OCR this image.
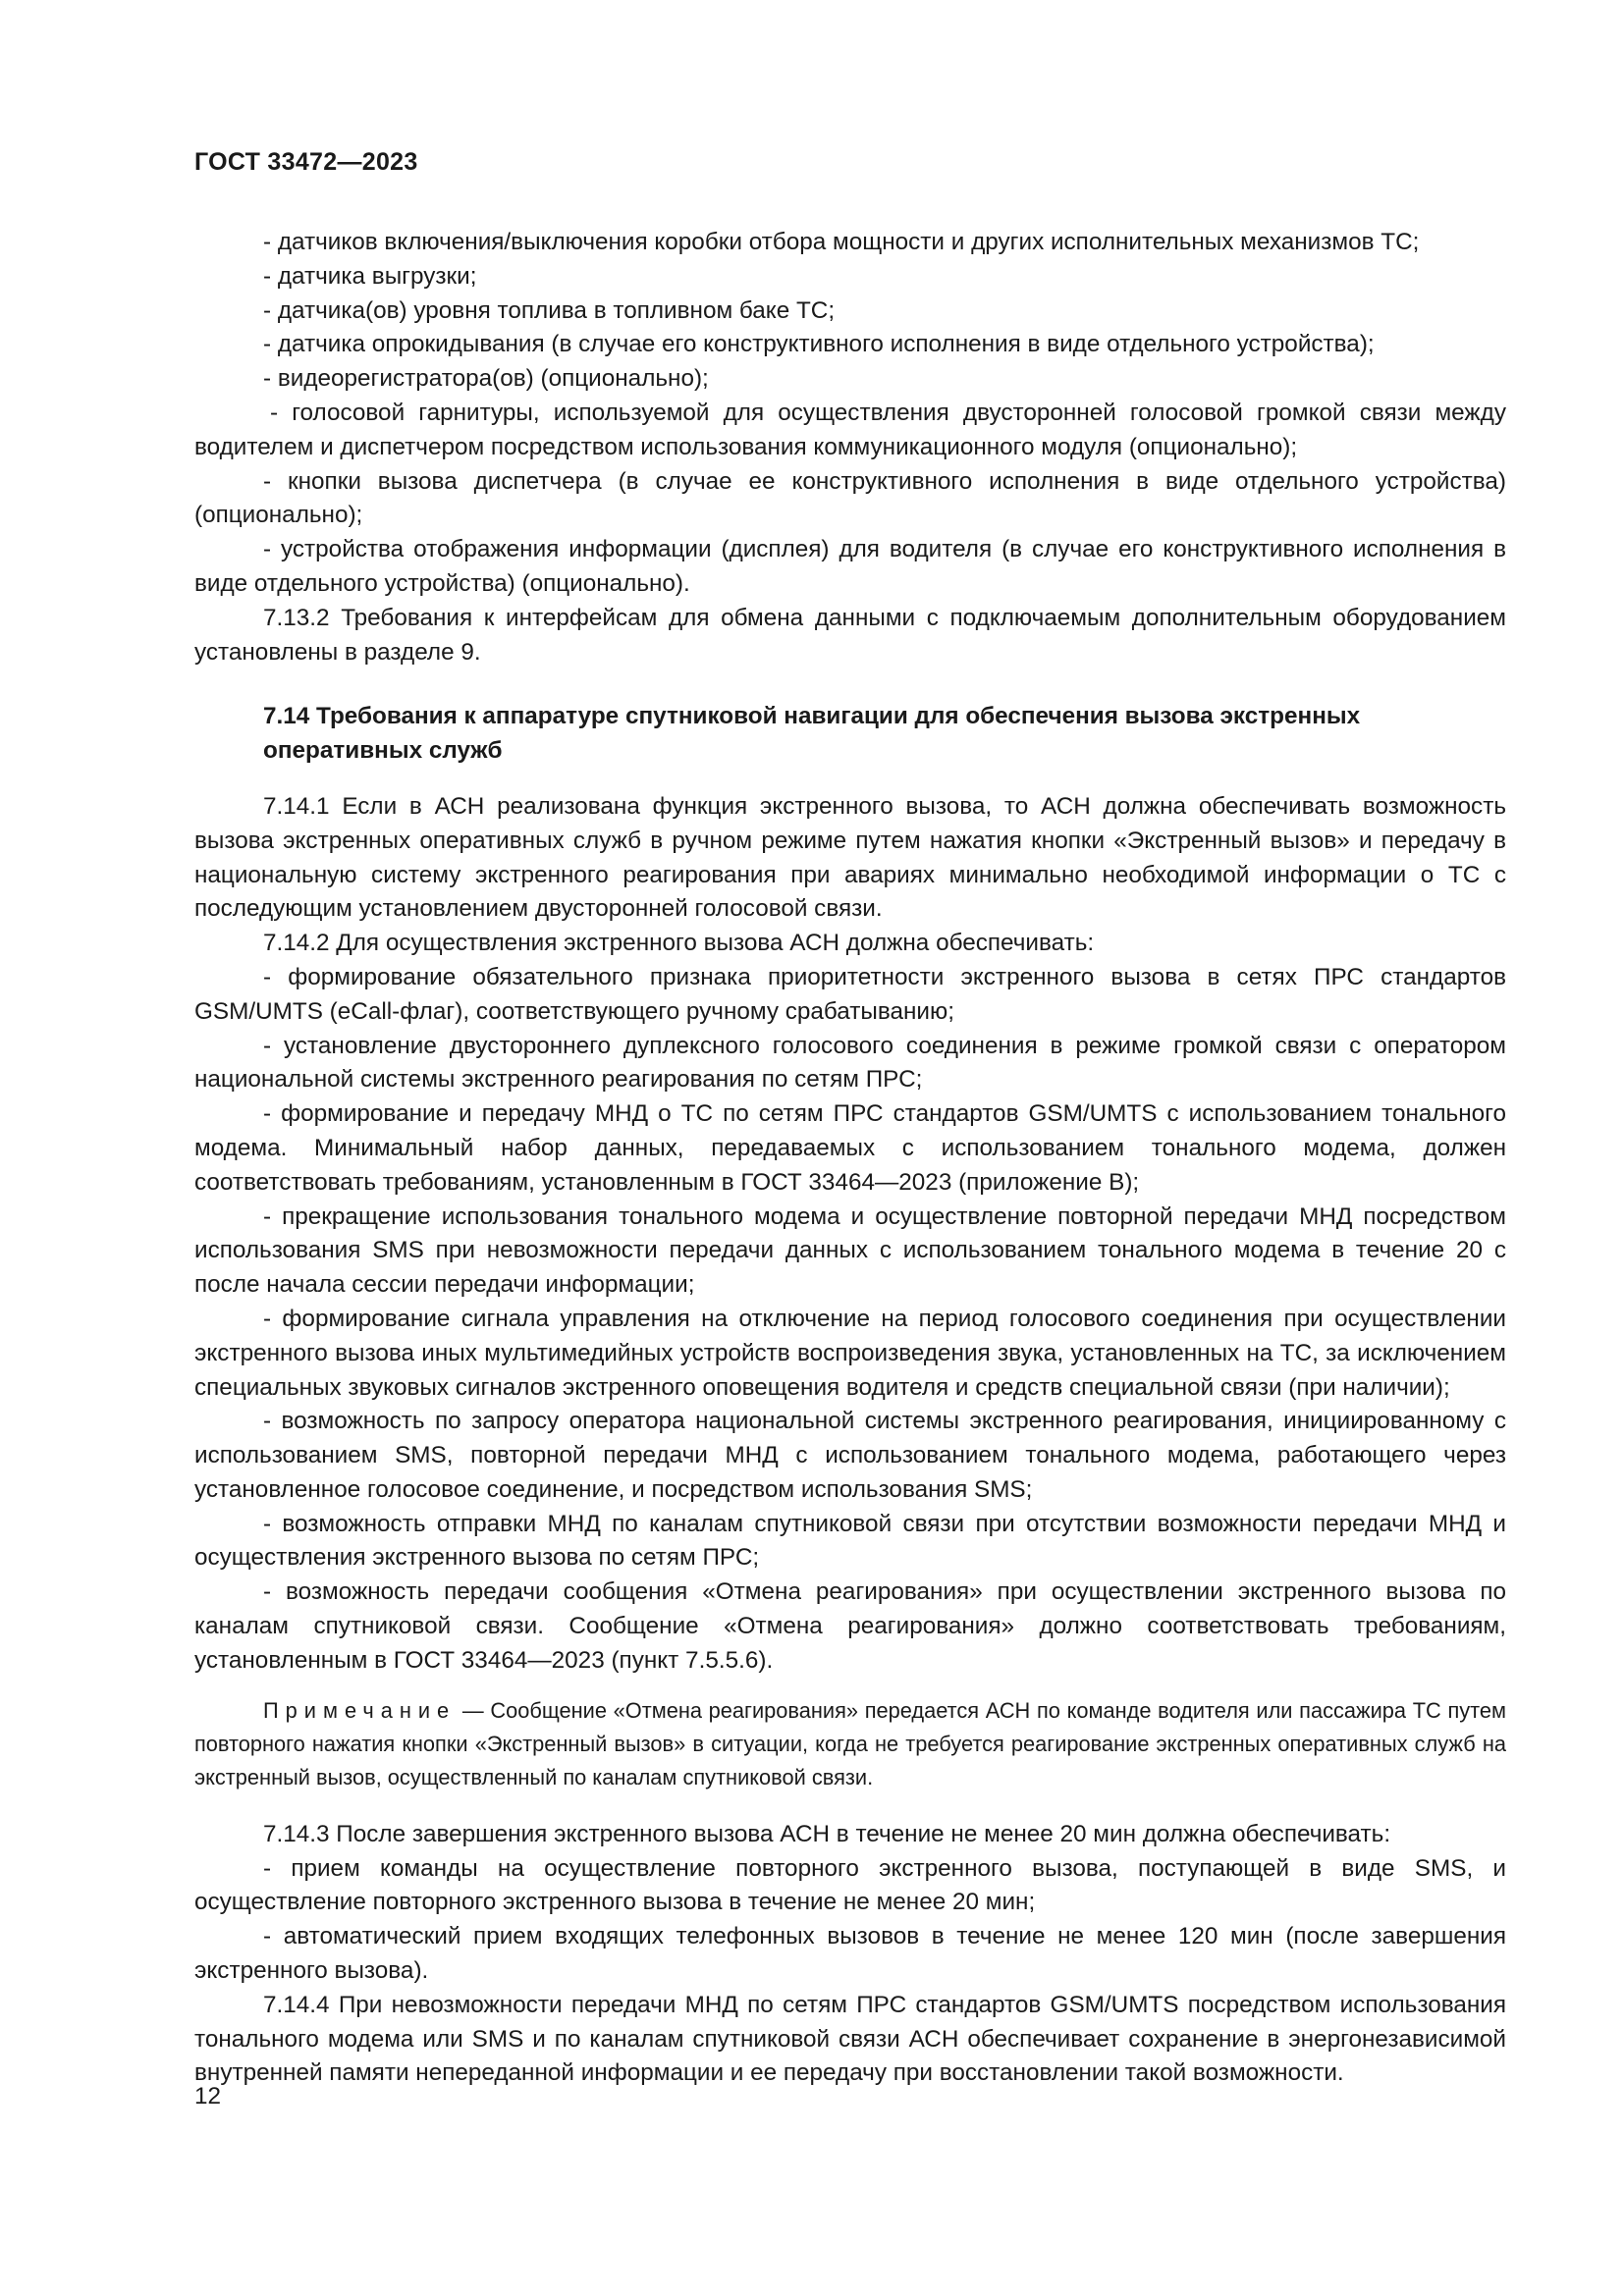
ГОСТ 33472—2023

- датчиков включения/выключения коробки отбора мощности и других исполнительных механизмов ТС;

- датчика выгрузки;

- датчика(ов) уровня топлива в топливном баке ТС;

- датчика опрокидывания (в случае его конструктивного исполнения в виде отдельного устройства);

- видеорегистратора(ов) (опционально);

- голосовой гарнитуры, используемой для осуществления двусторонней голосовой громкой связи между водителем и диспетчером посредством использования коммуникационного модуля (опционально);

- кнопки вызова диспетчера (в случае ее конструктивного исполнения в виде отдельного устройства) (опционально);

- устройства отображения информации (дисплея) для водителя (в случае его конструктивного исполнения в виде отдельного устройства) (опционально).

7.13.2 Требования к интерфейсам для обмена данными с подключаемым дополнительным оборудованием установлены в разделе 9.

7.14 Требования к аппаратуре спутниковой навигации для обеспечения вызова экстренных оперативных служб

7.14.1 Если в АСН реализована функция экстренного вызова, то АСН должна обеспечивать возможность вызова экстренных оперативных служб в ручном режиме путем нажатия кнопки «Экстренный вызов» и передачу в национальную систему экстренного реагирования при авариях минимально необходимой информации о ТС с последующим установлением двусторонней голосовой связи.

7.14.2 Для осуществления экстренного вызова АСН должна обеспечивать:

- формирование обязательного признака приоритетности экстренного вызова в сетях ПРС стандартов GSM/UMTS (eCall-флаг), соответствующего ручному срабатыванию;

- установление двустороннего дуплексного голосового соединения в режиме громкой связи с оператором национальной системы экстренного реагирования по сетям ПРС;

- формирование и передачу МНД о ТС по сетям ПРС стандартов GSM/UMTS с использованием тонального модема. Минимальный набор данных, передаваемых с использованием тонального модема, должен соответствовать требованиям, установленным в ГОСТ 33464—2023 (приложение В);

- прекращение использования тонального модема и осуществление повторной передачи МНД посредством использования SMS при невозможности передачи данных с использованием тонального модема в течение 20 с после начала сессии передачи информации;

- формирование сигнала управления на отключение на период голосового соединения при осуществлении экстренного вызова иных мультимедийных устройств воспроизведения звука, установленных на ТС, за исключением специальных звуковых сигналов экстренного оповещения водителя и средств специальной связи (при наличии);

- возможность по запросу оператора национальной системы экстренного реагирования, инициированному с использованием SMS, повторной передачи МНД с использованием тонального модема, работающего через установленное голосовое соединение, и посредством использования SMS;

- возможность отправки МНД по каналам спутниковой связи при отсутствии возможности передачи МНД и осуществления экстренного вызова по сетям ПРС;

- возможность передачи сообщения «Отмена реагирования» при осуществлении экстренного вызова по каналам спутниковой связи. Сообщение «Отмена реагирования» должно соответствовать требованиям, установленным в ГОСТ 33464—2023 (пункт 7.5.5.6).

Примечание — Сообщение «Отмена реагирования» передается АСН по команде водителя или пассажира ТС путем повторного нажатия кнопки «Экстренный вызов» в ситуации, когда не требуется реагирование экстренных оперативных служб на экстренный вызов, осуществленный по каналам спутниковой связи.

7.14.3 После завершения экстренного вызова АСН в течение не менее 20 мин должна обеспечивать:

- прием команды на осуществление повторного экстренного вызова, поступающей в виде SMS, и осуществление повторного экстренного вызова в течение не менее 20 мин;

- автоматический прием входящих телефонных вызовов в течение не менее 120 мин (после завершения экстренного вызова).

7.14.4 При невозможности передачи МНД по сетям ПРС стандартов GSM/UMTS посредством использования тонального модема или SMS и по каналам спутниковой связи АСН обеспечивает сохранение в энергонезависимой внутренней памяти непереданной информации и ее передачу при восстановлении такой возможности.

12
